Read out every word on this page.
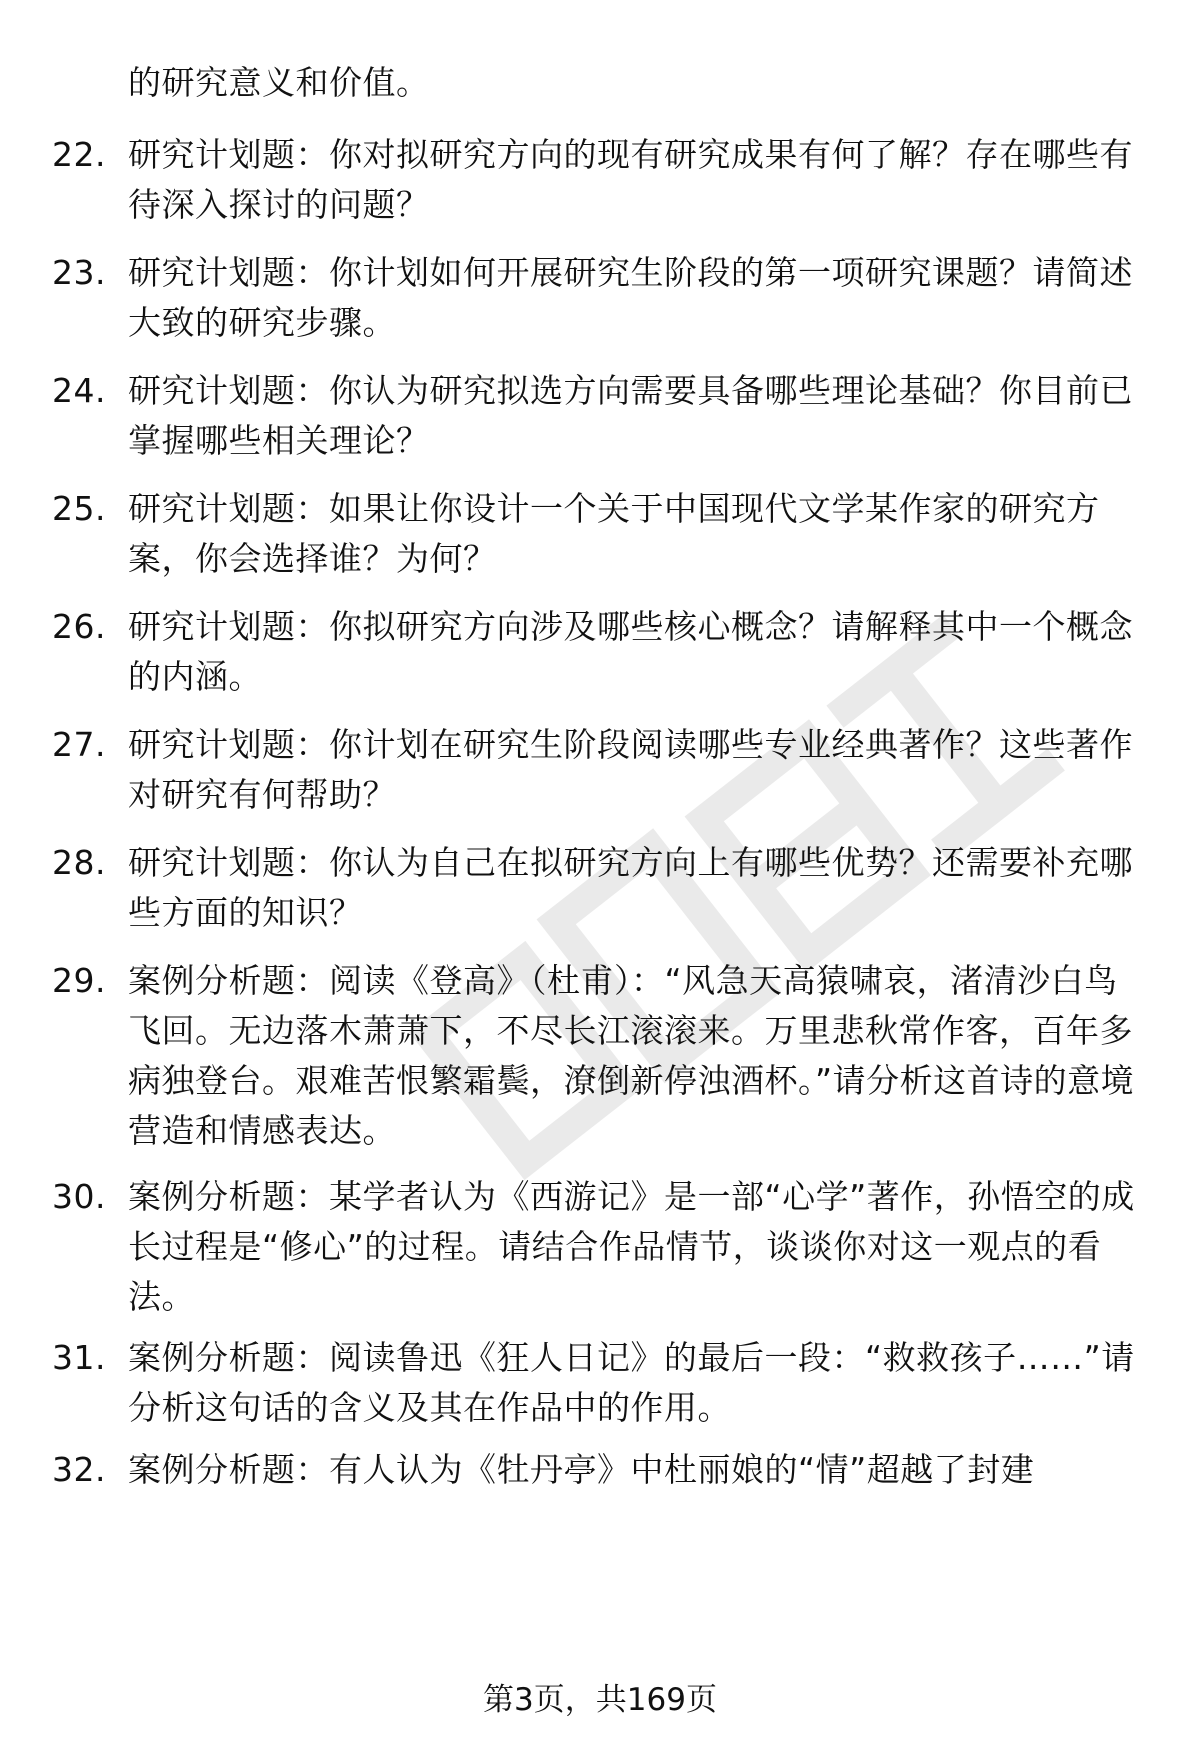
的研究意义和价值。
22. 研究计划题：你对拟研究方向的现有研究成果有何了解？存在哪些有待深入探讨的问题？
23. 研究计划题：你计划如何开展研究生阶段的第一项研究课题？请简述大致的研究步骤。
24. 研究计划题：你认为研究拟选方向需要具备哪些理论基础？你目前已掌握哪些相关理论？
25. 研究计划题：如果让你设计一个关于中国现代文学某作家的研究方案，你会选择谁？为何？
26. 研究计划题：你拟研究方向涉及哪些核心概念？请解释其中一个概念的内涵。
27. 研究计划题：你计划在研究生阶段阅读哪些专业经典著作？这些著作对研究有何帮助？
28. 研究计划题：你认为自己在拟研究方向上有哪些优势？还需要补充哪些方面的知识？
29. 案例分析题：阅读《登高》（杜甫）：“风急天高猿啸哀，渚清沙白鸟飞回。无边落木萧萧下，不尽长江滚滚来。万里悲秋常作客，百年多病独登台。艰难苦恨繁霜鬓，潦倒新停浊酒杯。”请分析这首诗的意境营造和情感表达。
30. 案例分析题：某学者认为《西游记》是一部“心学”著作，孙悟空的成长过程是“修心”的过程。请结合作品情节，谈谈你对这一观点的看法。
31. 案例分析题：阅读鲁迅《狂人日记》的最后一段：“救救孩子……”请分析这句话的含义及其在作品中的作用。
32. 案例分析题：有人认为《牡丹亭》中杜丽娘的“情”超越了封建
第3页，共169页
